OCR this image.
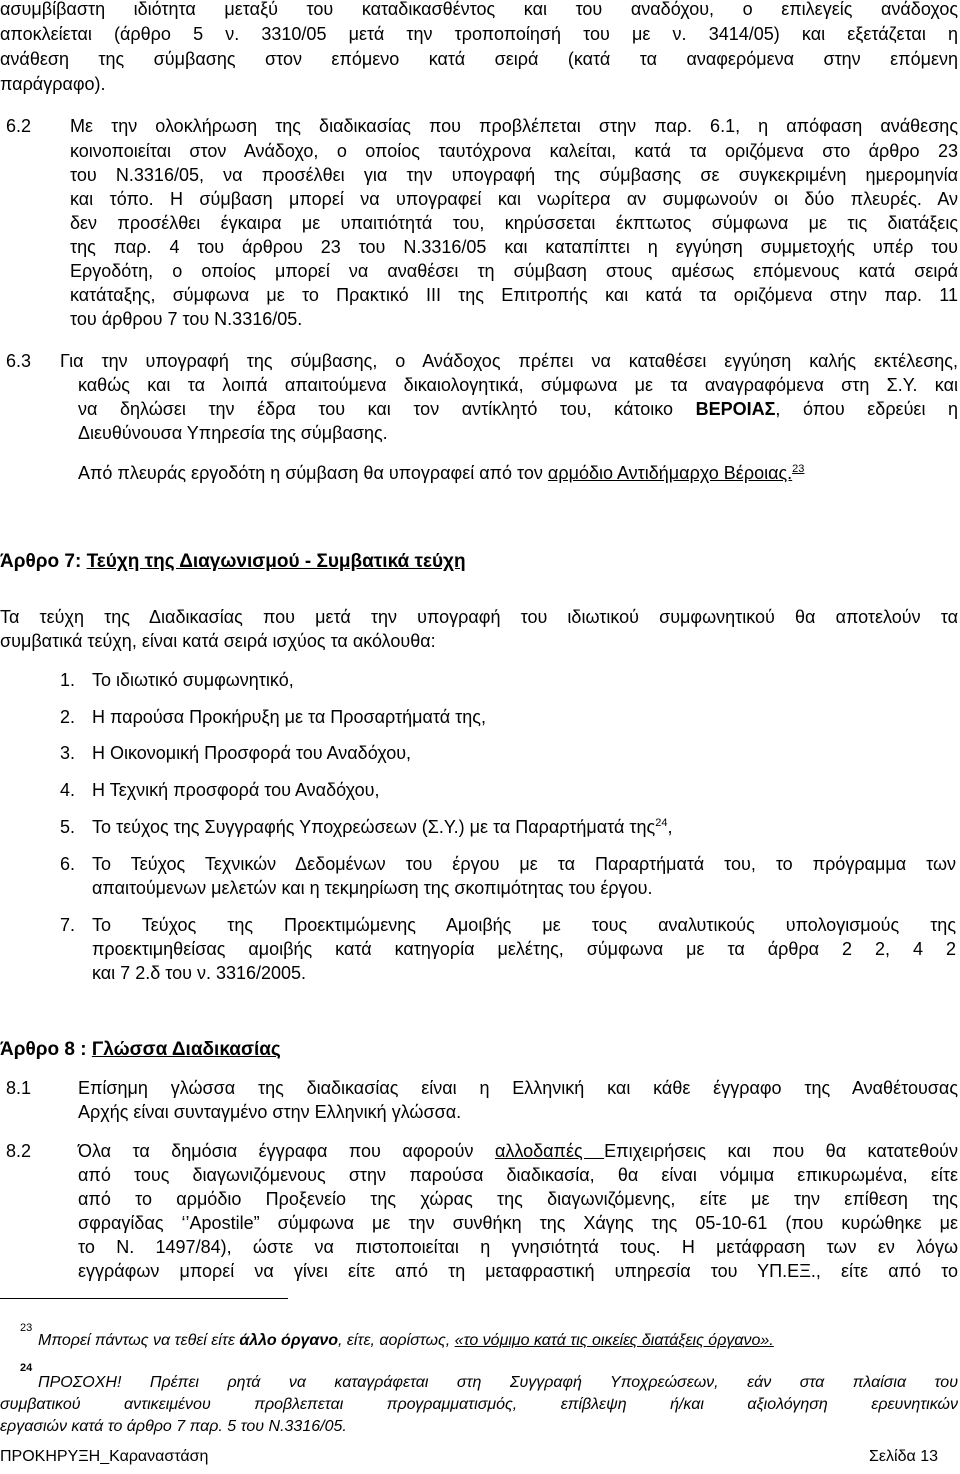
ασυμβίβαστη ιδιότητα μεταξύ του καταδικασθέντος και του αναδόχου, ο επιλεγείς ανάδοχος
αποκλείεται (άρθρο 5 ν. 3310/05 μετά την τροποποίησή του με ν. 3414/05) και εξετάζεται η
ανάθεση της σύμβασης στον επόμενο κατά σειρά (κατά τα αναφερόμενα στην επόμενη
παράγραφο).
6.2 Με την ολοκλήρωση της διαδικασίας που προβλέπεται στην παρ. 6.1, η απόφαση ανάθεσης
κοινοποιείται στον Ανάδοχο, ο οποίος ταυτόχρονα καλείται, κατά τα οριζόμενα στο άρθρο 23
του Ν.3316/05, να προσέλθει για την υπογραφή της σύμβασης σε συγκεκριμένη ημερομηνία
και τόπο. Η σύμβαση μπορεί να υπογραφεί και νωρίτερα αν συμφωνούν οι δύο πλευρές. Αν
δεν προσέλθει έγκαιρα με υπαιτιότητά του, κηρύσσεται έκπτωτος σύμφωνα με τις διατάξεις
της παρ. 4 του άρθρου 23 του Ν.3316/05 και καταπίπτει η εγγύηση συμμετοχής υπέρ του
Εργοδότη, ο οποίος μπορεί να αναθέσει τη σύμβαση στους αμέσως επόμενους κατά σειρά
κατάταξης, σύμφωνα με το Πρακτικό ΙΙΙ της Επιτροπής και κατά τα οριζόμενα στην παρ. 11
του άρθρου 7 του Ν.3316/05.
6.3 Για την υπογραφή της σύμβασης, ο Ανάδοχος πρέπει να καταθέσει εγγύηση καλής εκτέλεσης,
καθώς και τα λοιπά απαιτούμενα δικαιολογητικά, σύμφωνα με τα αναγραφόμενα στη Σ.Υ. και
να δηλώσει την έδρα του και τον αντίκλητό του, κάτοικο ΒΕΡΟΙΑΣ, όπου εδρεύει η
Διευθύνουσα Υπηρεσία της σύμβασης.
Από πλευράς εργοδότη η σύμβαση θα υπογραφεί από τον αρμόδιο Αντιδήμαρχο Βέροιας.$^{23}$
Άρθρο 7: Τεύχη της Διαγωνισμού - Συμβατικά τεύχη
Τα τεύχη της Διαδικασίας που μετά την υπογραφή του ιδιωτικού συμφωνητικού θα αποτελούν τα
συμβατικά τεύχη, είναι κατά σειρά ισχύος τα ακόλουθα:
1. Το ιδιωτικό συμφωνητικό,
2. Η παρούσα Προκήρυξη με τα Προσαρτήματά της,
3. Η Οικονομική Προσφορά του Αναδόχου,
4. Η Τεχνική προσφορά του Αναδόχου,
5. Το τεύχος της Συγγραφής Υποχρεώσεων (Σ.Υ.) με τα Παραρτήματά της$^{24}$,
6. Το Τεύχος Τεχνικών Δεδομένων του έργου με τα Παραρτήματά του, το πρόγραμμα των
απαιτούμενων μελετών και η τεκμηρίωση της σκοπιμότητας του έργου.
7. Το Τεύχος της Προεκτιμώμενης Αμοιβής με τους αναλυτικούς υπολογισμούς της
προεκτιμηθείσας αμοιβής κατά κατηγορία μελέτης, σύμφωνα με τα άρθρα 2 2, 4 2
και 7 2.δ του ν. 3316/2005.
Άρθρο 8 : Γλώσσα Διαδικασίας
8.1	Επίσημη γλώσσα της διαδικασίας είναι η Ελληνική και κάθε έγγραφο της Αναθέτουσας
Αρχής είναι συνταγμένο στην Ελληνική γλώσσα.
8.2	Όλα τα δημόσια έγγραφα που αφορούν αλλοδαπές Επιχειρήσεις και που θα κατατεθούν
από τους διαγωνιζόμενους στην παρούσα διαδικασία, θα είναι νόμιμα επικυρωμένα, είτε
από το αρμόδιο Προξενείο της χώρας της διαγωνιζόμενης, είτε με την επίθεση της
σφραγίδας ‘’Apostile” σύμφωνα με την συνθήκη της Χάγης της 05-10-61 (που κυρώθηκε με
το Ν. 1497/84), ώστε να πιστοποιείται η γνησιότητά τους. Η μετάφραση των εν λόγω
εγγράφων μπορεί να γίνει είτε από τη μεταφραστική υπηρεσία του ΥΠ.ΕΞ., είτε από το
23
Μπορεί πάντως να τεθεί είτε άλλο όργανο, είτε, αορίστως, «το νόμιμο κατά τις οικείες διατάξεις όργανο».
24
ΠΡΟΣΟΧΗ! Πρέπει ρητά να καταγράφεται στη Συγγραφή Υποχρεώσεων, εάν στα πλαίσια του
συμβατικού αντικειμένου προβλεπεται προγραμματισμός, επίβλεψη ή/και αξιολόγηση ερευνητικών
εργασιών κατά το άρθρο 7 παρ. 5 του Ν.3316/05.
ΠΡΟΚΗΡΥΞΗ_Καραναστάση	Σελίδα 13
